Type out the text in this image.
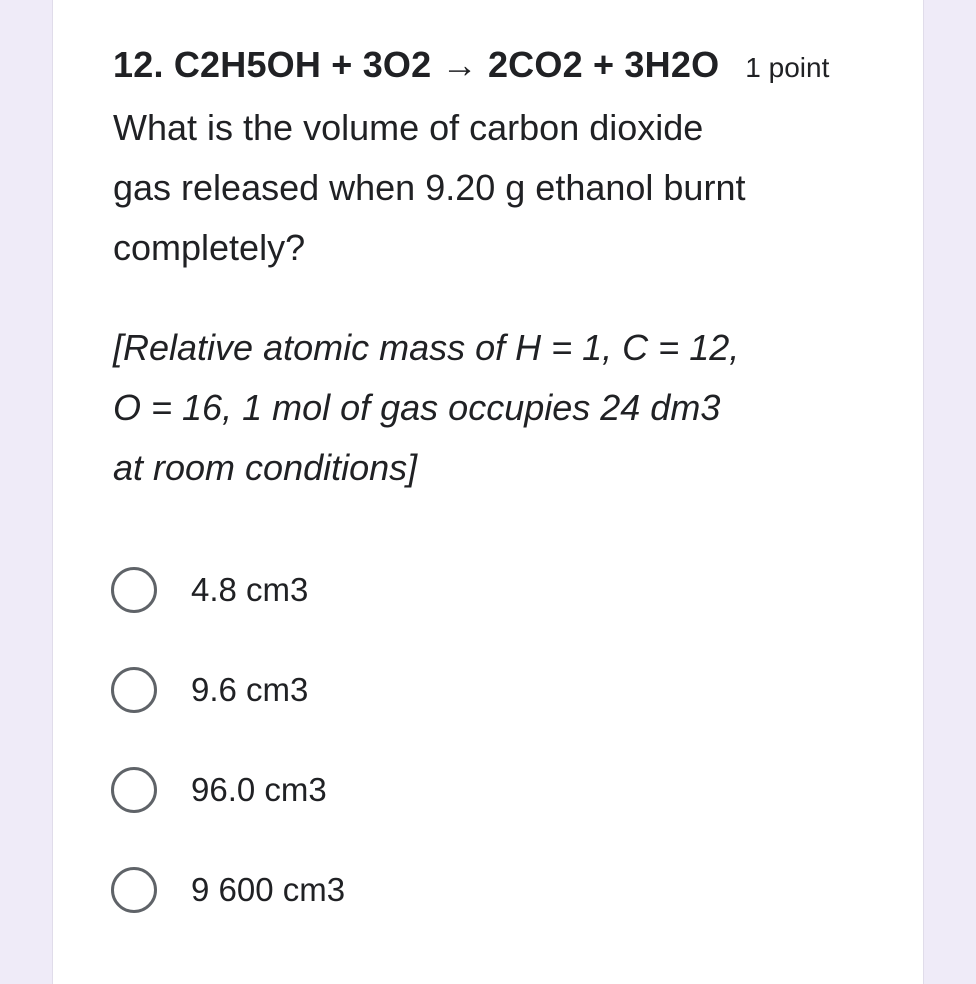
12. C2H5OH + 3O2 → 2CO2 + 3H2O 1 point

What is the volume of carbon dioxide gas released when 9.20 g ethanol burnt completely?

[Relative atomic mass of H = 1, C = 12, O = 16, 1 mol of gas occupies 24 dm3 at room conditions]

4.8 cm3
9.6 cm3
96.0 cm3
9 600 cm3
